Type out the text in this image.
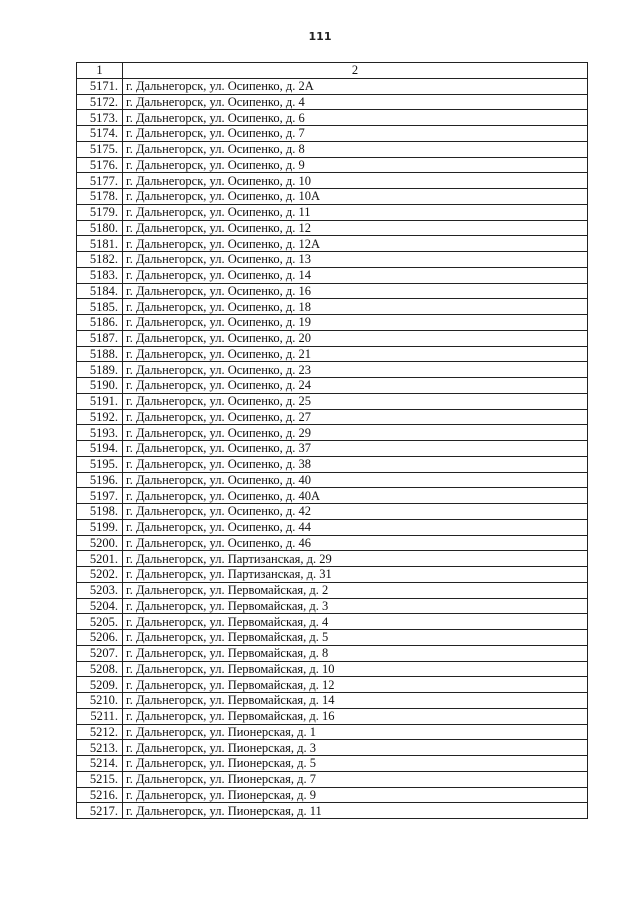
111
1	2
5171.	г. Дальнегорск, ул. Осипенко, д. 2А
5172.	г. Дальнегорск, ул. Осипенко, д. 4
5173.	г. Дальнегорск, ул. Осипенко, д. 6
5174.	г. Дальнегорск, ул. Осипенко, д. 7
5175.	г. Дальнегорск, ул. Осипенко, д. 8
5176.	г. Дальнегорск, ул. Осипенко, д. 9
5177.	г. Дальнегорск, ул. Осипенко, д. 10
5178.	г. Дальнегорск, ул. Осипенко, д. 10А
5179.	г. Дальнегорск, ул. Осипенко, д. 11
5180.	г. Дальнегорск, ул. Осипенко, д. 12
5181.	г. Дальнегорск, ул. Осипенко, д. 12А
5182.	г. Дальнегорск, ул. Осипенко, д. 13
5183.	г. Дальнегорск, ул. Осипенко, д. 14
5184.	г. Дальнегорск, ул. Осипенко, д. 16
5185.	г. Дальнегорск, ул. Осипенко, д. 18
5186.	г. Дальнегорск, ул. Осипенко, д. 19
5187.	г. Дальнегорск, ул. Осипенко, д. 20
5188.	г. Дальнегорск, ул. Осипенко, д. 21
5189.	г. Дальнегорск, ул. Осипенко, д. 23
5190.	г. Дальнегорск, ул. Осипенко, д. 24
5191.	г. Дальнегорск, ул. Осипенко, д. 25
5192.	г. Дальнегорск, ул. Осипенко, д. 27
5193.	г. Дальнегорск, ул. Осипенко, д. 29
5194.	г. Дальнегорск, ул. Осипенко, д. 37
5195.	г. Дальнегорск, ул. Осипенко, д. 38
5196.	г. Дальнегорск, ул. Осипенко, д. 40
5197.	г. Дальнегорск, ул. Осипенко, д. 40А
5198.	г. Дальнегорск, ул. Осипенко, д. 42
5199.	г. Дальнегорск, ул. Осипенко, д. 44
5200.	г. Дальнегорск, ул. Осипенко, д. 46
5201.	г. Дальнегорск, ул. Партизанская, д. 29
5202.	г. Дальнегорск, ул. Партизанская, д. 31
5203.	г. Дальнегорск, ул. Первомайская, д. 2
5204.	г. Дальнегорск, ул. Первомайская, д. 3
5205.	г. Дальнегорск, ул. Первомайская, д. 4
5206.	г. Дальнегорск, ул. Первомайская, д. 5
5207.	г. Дальнегорск, ул. Первомайская, д. 8
5208.	г. Дальнегорск, ул. Первомайская, д. 10
5209.	г. Дальнегорск, ул. Первомайская, д. 12
5210.	г. Дальнегорск, ул. Первомайская, д. 14
5211.	г. Дальнегорск, ул. Первомайская, д. 16
5212.	г. Дальнегорск, ул. Пионерская, д. 1
5213.	г. Дальнегорск, ул. Пионерская, д. 3
5214.	г. Дальнегорск, ул. Пионерская, д. 5
5215.	г. Дальнегорск, ул. Пионерская, д. 7
5216.	г. Дальнегорск, ул. Пионерская, д. 9
5217.	г. Дальнегорск, ул. Пионерская, д. 11
